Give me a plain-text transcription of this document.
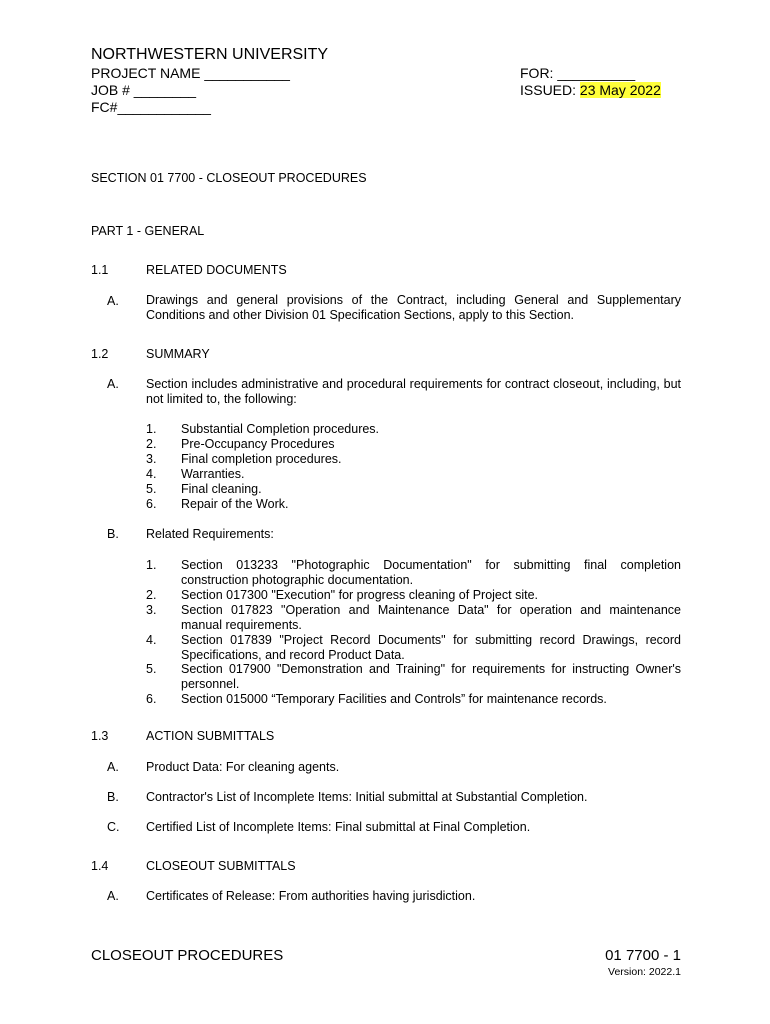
NORTHWESTERN UNIVERSITY
PROJECT NAME ___________
JOB # ________
FC#____________
FOR: __________
ISSUED: 23 May 2022
SECTION 01 7700 - CLOSEOUT PROCEDURES
PART 1 - GENERAL
1.1	RELATED DOCUMENTS
A. Drawings and general provisions of the Contract, including General and Supplementary Conditions and other Division 01 Specification Sections, apply to this Section.
1.2	SUMMARY
A. Section includes administrative and procedural requirements for contract closeout, including, but not limited to, the following:
1. Substantial Completion procedures.
2. Pre-Occupancy Procedures
3. Final completion procedures.
4. Warranties.
5. Final cleaning.
6. Repair of the Work.
B. Related Requirements:
1. Section 013233 "Photographic Documentation" for submitting final completion construction photographic documentation.
2. Section 017300 "Execution" for progress cleaning of Project site.
3. Section 017823 "Operation and Maintenance Data" for operation and maintenance manual requirements.
4. Section 017839 "Project Record Documents" for submitting record Drawings, record Specifications, and record Product Data.
5. Section 017900 "Demonstration and Training" for requirements for instructing Owner's personnel.
6. Section 015000 “Temporary Facilities and Controls” for maintenance records.
1.3	ACTION SUBMITTALS
A. Product Data: For cleaning agents.
B. Contractor's List of Incomplete Items: Initial submittal at Substantial Completion.
C. Certified List of Incomplete Items: Final submittal at Final Completion.
1.4	CLOSEOUT SUBMITTALS
A. Certificates of Release: From authorities having jurisdiction.
CLOSEOUT PROCEDURES	01 7700 - 1
Version: 2022.1
